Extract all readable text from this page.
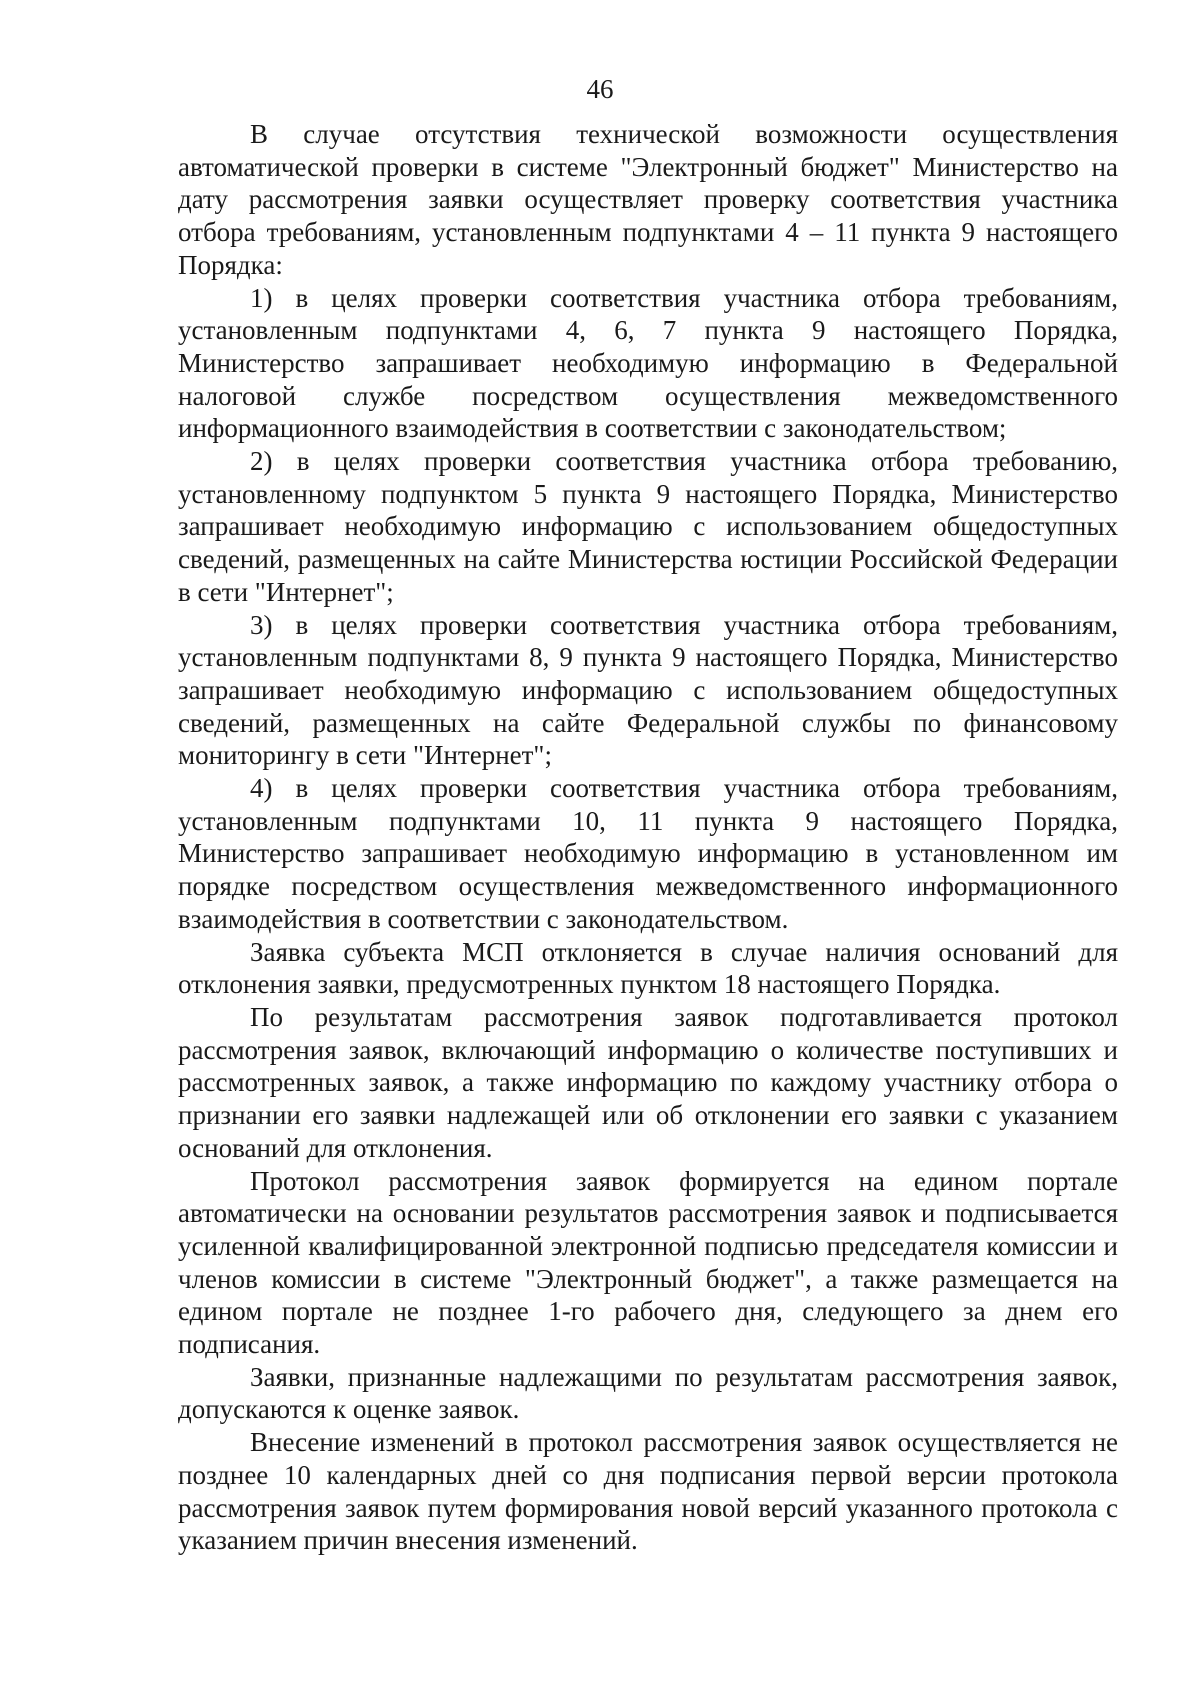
46

В случае отсутствия технической возможности осуществления автоматической проверки в системе "Электронный бюджет" Министерство на дату рассмотрения заявки осуществляет проверку соответствия участника отбора требованиям, установленным подпунктами 4 – 11 пункта 9 настоящего Порядка:

1) в целях проверки соответствия участника отбора требованиям, установленным подпунктами 4, 6, 7 пункта 9 настоящего Порядка, Министерство запрашивает необходимую информацию в Федеральной налоговой службе посредством осуществления межведомственного информационного взаимодействия в соответствии с законодательством;

2) в целях проверки соответствия участника отбора требованию, установленному подпунктом 5 пункта 9 настоящего Порядка, Министерство запрашивает необходимую информацию с использованием общедоступных сведений, размещенных на сайте Министерства юстиции Российской Федерации в сети "Интернет";

3) в целях проверки соответствия участника отбора требованиям, установленным подпунктами 8, 9 пункта 9 настоящего Порядка, Министерство запрашивает необходимую информацию с использованием общедоступных сведений, размещенных на сайте Федеральной службы по финансовому мониторингу в сети "Интернет";

4) в целях проверки соответствия участника отбора требованиям, установленным подпунктами 10, 11 пункта 9 настоящего Порядка, Министерство запрашивает необходимую информацию в установленном им порядке посредством осуществления межведомственного информационного взаимодействия в соответствии с законодательством.

Заявка субъекта МСП отклоняется в случае наличия оснований для отклонения заявки, предусмотренных пунктом 18 настоящего Порядка.

По результатам рассмотрения заявок подготавливается протокол рассмотрения заявок, включающий информацию о количестве поступивших и рассмотренных заявок, а также информацию по каждому участнику отбора о признании его заявки надлежащей или об отклонении его заявки с указанием оснований для отклонения.

Протокол рассмотрения заявок формируется на едином портале автоматически на основании результатов рассмотрения заявок и подписывается усиленной квалифицированной электронной подписью председателя комиссии и членов комиссии в системе "Электронный бюджет", а также размещается на едином портале не позднее 1-го рабочего дня, следующего за днем его подписания.

Заявки, признанные надлежащими по результатам рассмотрения заявок, допускаются к оценке заявок.

Внесение изменений в протокол рассмотрения заявок осуществляется не позднее 10 календарных дней со дня подписания первой версии протокола рассмотрения заявок путем формирования новой версий указанного протокола с указанием причин внесения изменений.
